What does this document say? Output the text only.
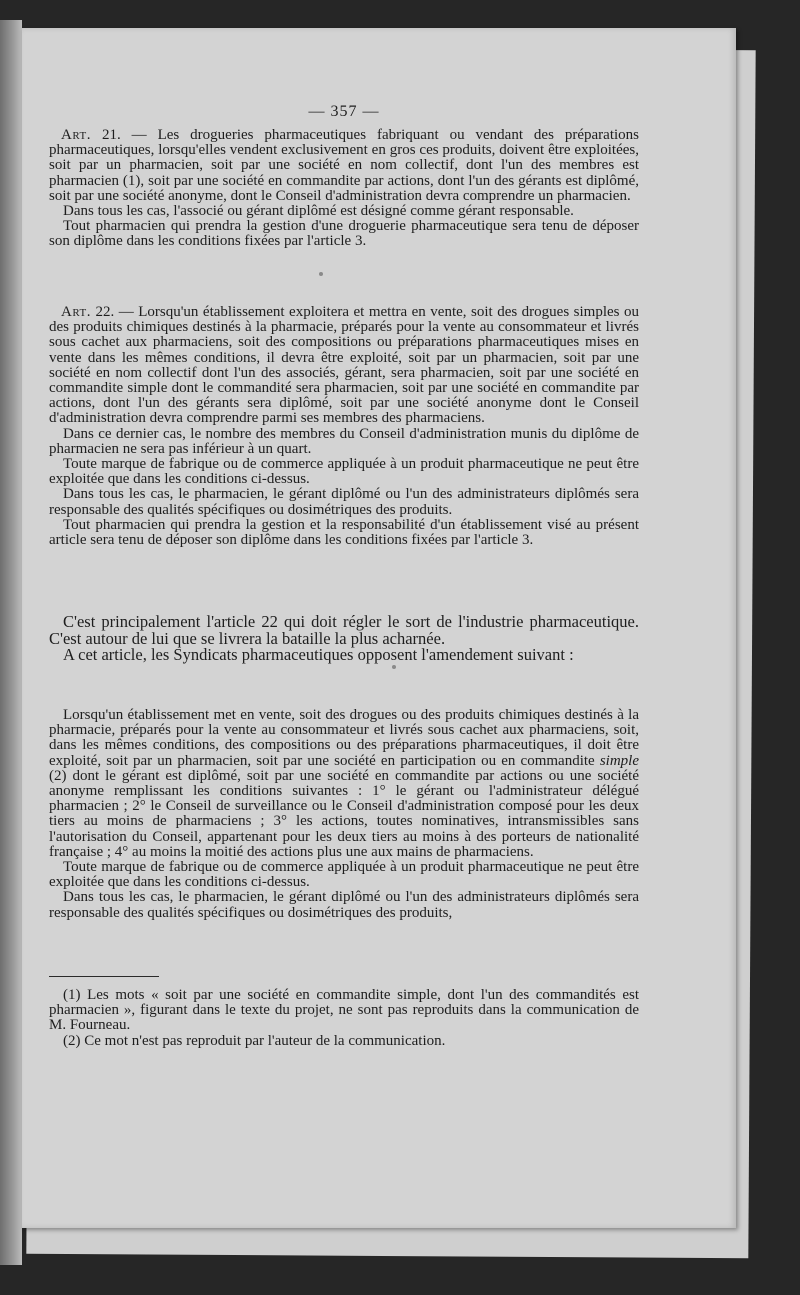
— 357 —

Art. 21. — Les drogueries pharmaceutiques fabriquant ou vendant des préparations pharmaceutiques, lorsqu'elles vendent exclusivement en gros ces produits, doivent être exploitées, soit par un pharmacien, soit par une société en nom collectif, dont l'un des membres est pharmacien (1), soit par une société en commandite par actions, dont l'un des gérants est diplômé, soit par une société anonyme, dont le Conseil d'administration devra comprendre un pharmacien.

Dans tous les cas, l'associé ou gérant diplômé est désigné comme gérant responsable.

Tout pharmacien qui prendra la gestion d'une droguerie pharmaceutique sera tenu de déposer son diplôme dans les conditions fixées par l'article 3.

Art. 22. — Lorsqu'un établissement exploitera et mettra en vente, soit des drogues simples ou des produits chimiques destinés à la pharmacie, préparés pour la vente au consommateur et livrés sous cachet aux pharmaciens, soit des compositions ou préparations pharmaceutiques mises en vente dans les mêmes conditions, il devra être exploité, soit par un pharmacien, soit par une société en nom collectif dont l'un des associés, gérant, sera pharmacien, soit par une société en commandite simple dont le commandité sera pharmacien, soit par une société en commandite par actions, dont l'un des gérants sera diplômé, soit par une société anonyme dont le Conseil d'administration devra comprendre parmi ses membres des pharmaciens.

Dans ce dernier cas, le nombre des membres du Conseil d'administration munis du diplôme de pharmacien ne sera pas inférieur à un quart.

Toute marque de fabrique ou de commerce appliquée à un produit pharmaceutique ne peut être exploitée que dans les conditions ci-dessus.

Dans tous les cas, le pharmacien, le gérant diplômé ou l'un des administrateurs diplômés sera responsable des qualités spécifiques ou dosimétriques des produits.

Tout pharmacien qui prendra la gestion et la responsabilité d'un établissement visé au présent article sera tenu de déposer son diplôme dans les conditions fixées par l'article 3.

C'est principalement l'article 22 qui doit régler le sort de l'industrie pharmaceutique. C'est autour de lui que se livrera la bataille la plus acharnée.

A cet article, les Syndicats pharmaceutiques opposent l'amendement suivant :

Lorsqu'un établissement met en vente, soit des drogues ou des produits chimiques destinés à la pharmacie, préparés pour la vente au consommateur et livrés sous cachet aux pharmaciens, soit, dans les mêmes conditions, des compositions ou des préparations pharmaceutiques, il doit être exploité, soit par un pharmacien, soit par une société en participation ou en commandite simple (2) dont le gérant est diplômé, soit par une société en commandite par actions ou une société anonyme remplissant les conditions suivantes : 1° le gérant ou l'administrateur délégué pharmacien ; 2° le Conseil de surveillance ou le Conseil d'administration composé pour les deux tiers au moins de pharmaciens ; 3° les actions, toutes nominatives, intransmissibles sans l'autorisation du Conseil, appartenant pour les deux tiers au moins à des porteurs de nationalité française ; 4° au moins la moitié des actions plus une aux mains de pharmaciens.

Toute marque de fabrique ou de commerce appliquée à un produit pharmaceutique ne peut être exploitée que dans les conditions ci-dessus.

Dans tous les cas, le pharmacien, le gérant diplômé ou l'un des administrateurs diplômés sera responsable des qualités spécifiques ou dosimétriques des produits,

(1) Les mots « soit par une société en commandite simple, dont l'un des commandités est pharmacien », figurant dans le texte du projet, ne sont pas reproduits dans la communication de M. Fourneau.

(2) Ce mot n'est pas reproduit par l'auteur de la communication.
